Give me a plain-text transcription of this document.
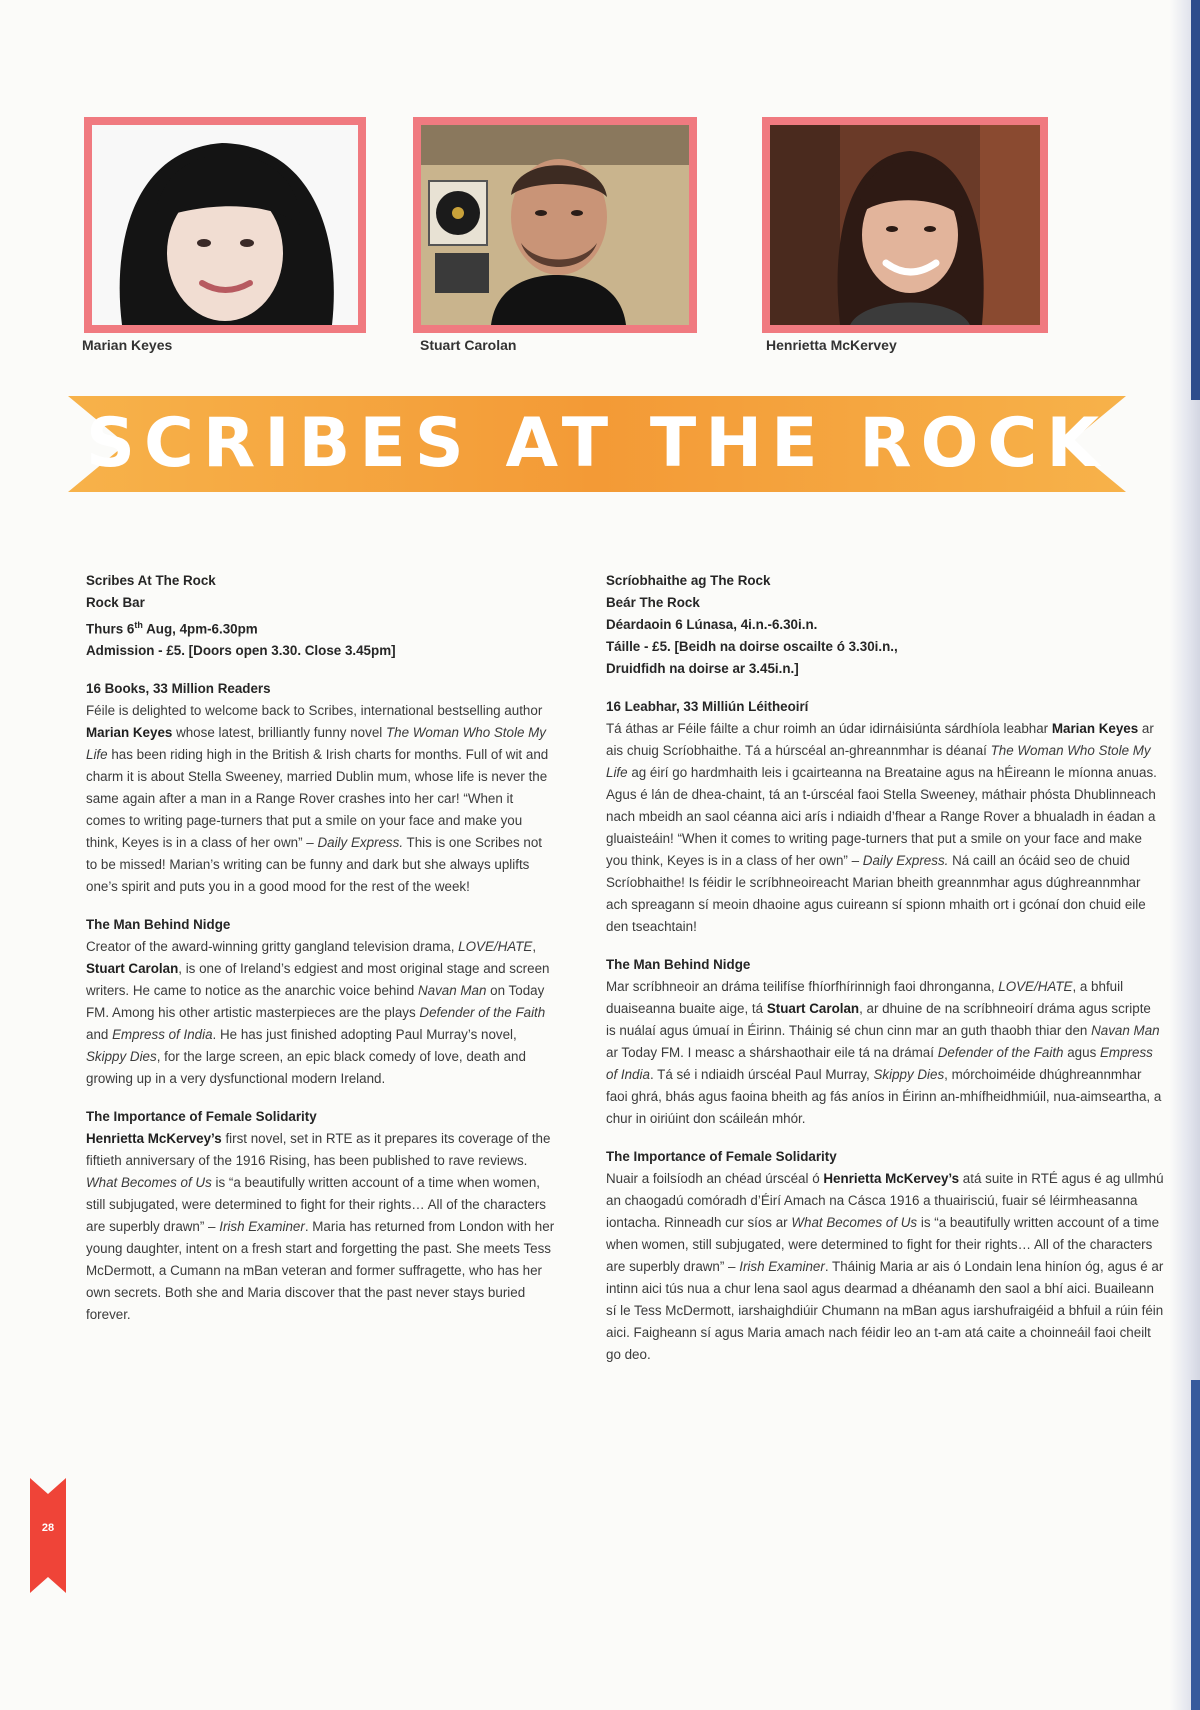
Marian Keyes	Stuart Carolan	Henrietta McKervey
SCRIBES AT THE ROCK
Scribes At The Rock
Rock Bar
Thurs 6th Aug, 4pm-6.30pm
Admission - £5. [Doors open 3.30. Close 3.45pm]
16 Books, 33 Million Readers

Féile is delighted to welcome back to Scribes, international bestselling author Marian Keyes whose latest, brilliantly funny novel The Woman Who Stole My Life has been riding high in the British & Irish charts for months. Full of wit and charm it is about Stella Sweeney, married Dublin mum, whose life is never the same again after a man in a Range Rover crashes into her car! “When it comes to writing page-turners that put a smile on your face and make you think, Keyes is in a class of her own” – Daily Express. This is one Scribes not to be missed! Marian’s writing can be funny and dark but she always uplifts one’s spirit and puts you in a good mood for the rest of the week!

The Man Behind Nidge

Creator of the award-winning gritty gangland television drama, LOVE/HATE, Stuart Carolan, is one of Ireland’s edgiest and most original stage and screen writers. He came to notice as the anarchic voice behind Navan Man on Today FM. Among his other artistic masterpieces are the plays Defender of the Faith and Empress of India. He has just finished adopting Paul Murray’s novel, Skippy Dies, for the large screen, an epic black comedy of love, death and growing up in a very dysfunctional modern Ireland.

The Importance of Female Solidarity

Henrietta McKervey’s first novel, set in RTE as it prepares its coverage of the fiftieth anniversary of the 1916 Rising, has been published to rave reviews. What Becomes of Us is “a beautifully written account of a time when women, still subjugated, were determined to fight for their rights… All of the characters are superbly drawn” – Irish Examiner. Maria has returned from London with her young daughter, intent on a fresh start and forgetting the past. She meets Tess McDermott, a Cumann na mBan veteran and former suffragette, who has her own secrets. Both she and Maria discover that the past never stays buried forever.

Scríobhaithe ag The Rock
Beár The Rock
Déardaoin 6 Lúnasa, 4i.n.-6.30i.n.
Táille - £5. [Beidh na doirse oscailte ó 3.30i.n.,
Druidfidh na doirse ar 3.45i.n.]
16 Leabhar, 33 Milliún Léitheoirí

Tá áthas ar Féile fáilte a chur roimh an údar idirnáisiúnta sárdhíola leabhar Marian Keyes ar ais chuig Scríobhaithe. Tá a húrscéal an-ghreannmhar is déanaí The Woman Who Stole My Life ag éirí go hardmhaith leis i gcairteanna na Breataine agus na hÉireann le míonna anuas. Agus é lán de dhea-chaint, tá an t-úrscéal faoi Stella Sweeney, máthair phósta Dhublinneach nach mbeidh an saol céanna aici arís i ndiaidh d’fhear a Range Rover a bhualadh in éadan a gluaisteáin! “When it comes to writing page-turners that put a smile on your face and make you think, Keyes is in a class of her own” – Daily Express. Ná caill an ócáid seo de chuid Scríobhaithe! Is féidir le scríbhneoireacht Marian bheith greannmhar agus dúghreannmhar ach spreagann sí meoin dhaoine agus cuireann sí spionn mhaith ort i gcónaí don chuid eile den tseachtain!

The Man Behind Nidge

Mar scríbhneoir an dráma teilifíse fhíorfhírinnigh faoi dhronganna, LOVE/HATE, a bhfuil duaiseanna buaite aige, tá Stuart Carolan, ar dhuine de na scríbhneoirí dráma agus scripte is nuálaí agus úmuaí in Éirinn. Tháinig sé chun cinn mar an guth thaobh thiar den Navan Man ar Today FM. I measc a shárshaothair eile tá na drámaí Defender of the Faith agus Empress of India. Tá sé i ndiaidh úrscéal Paul Murray, Skippy Dies, mórchoiméide dhúghreannmhar faoi ghrá, bhás agus faoina bheith ag fás aníos in Éirinn an-mhífheidhmiúil, nua-aimseartha, a chur in oiriúint don scáileán mhór.

The Importance of Female Solidarity

Nuair a foilsíodh an chéad úrscéal ó Henrietta McKervey’s atá suite in RTÉ agus é ag ullmhú an chaogadú comóradh d’Éirí Amach na Cásca 1916 a thuairisciú, fuair sé léirmheasanna iontacha. Rinneadh cur síos ar What Becomes of Us is “a beautifully written account of a time when women, still subjugated, were determined to fight for their rights… All of the characters are superbly drawn” – Irish Examiner. Tháinig Maria ar ais ó Londain lena hiníon óg, agus é ar intinn aici tús nua a chur lena saol agus dearmad a dhéanamh den saol a bhí aici. Buaileann sí le Tess McDermott, iarshaighdiúir Chumann na mBan agus iarshufraigéid a bhfuil a rúin féin aici. Faigheann sí agus Maria amach nach féidir leo an t-am atá caite a choinneáil faoi cheilt go deo.

28
